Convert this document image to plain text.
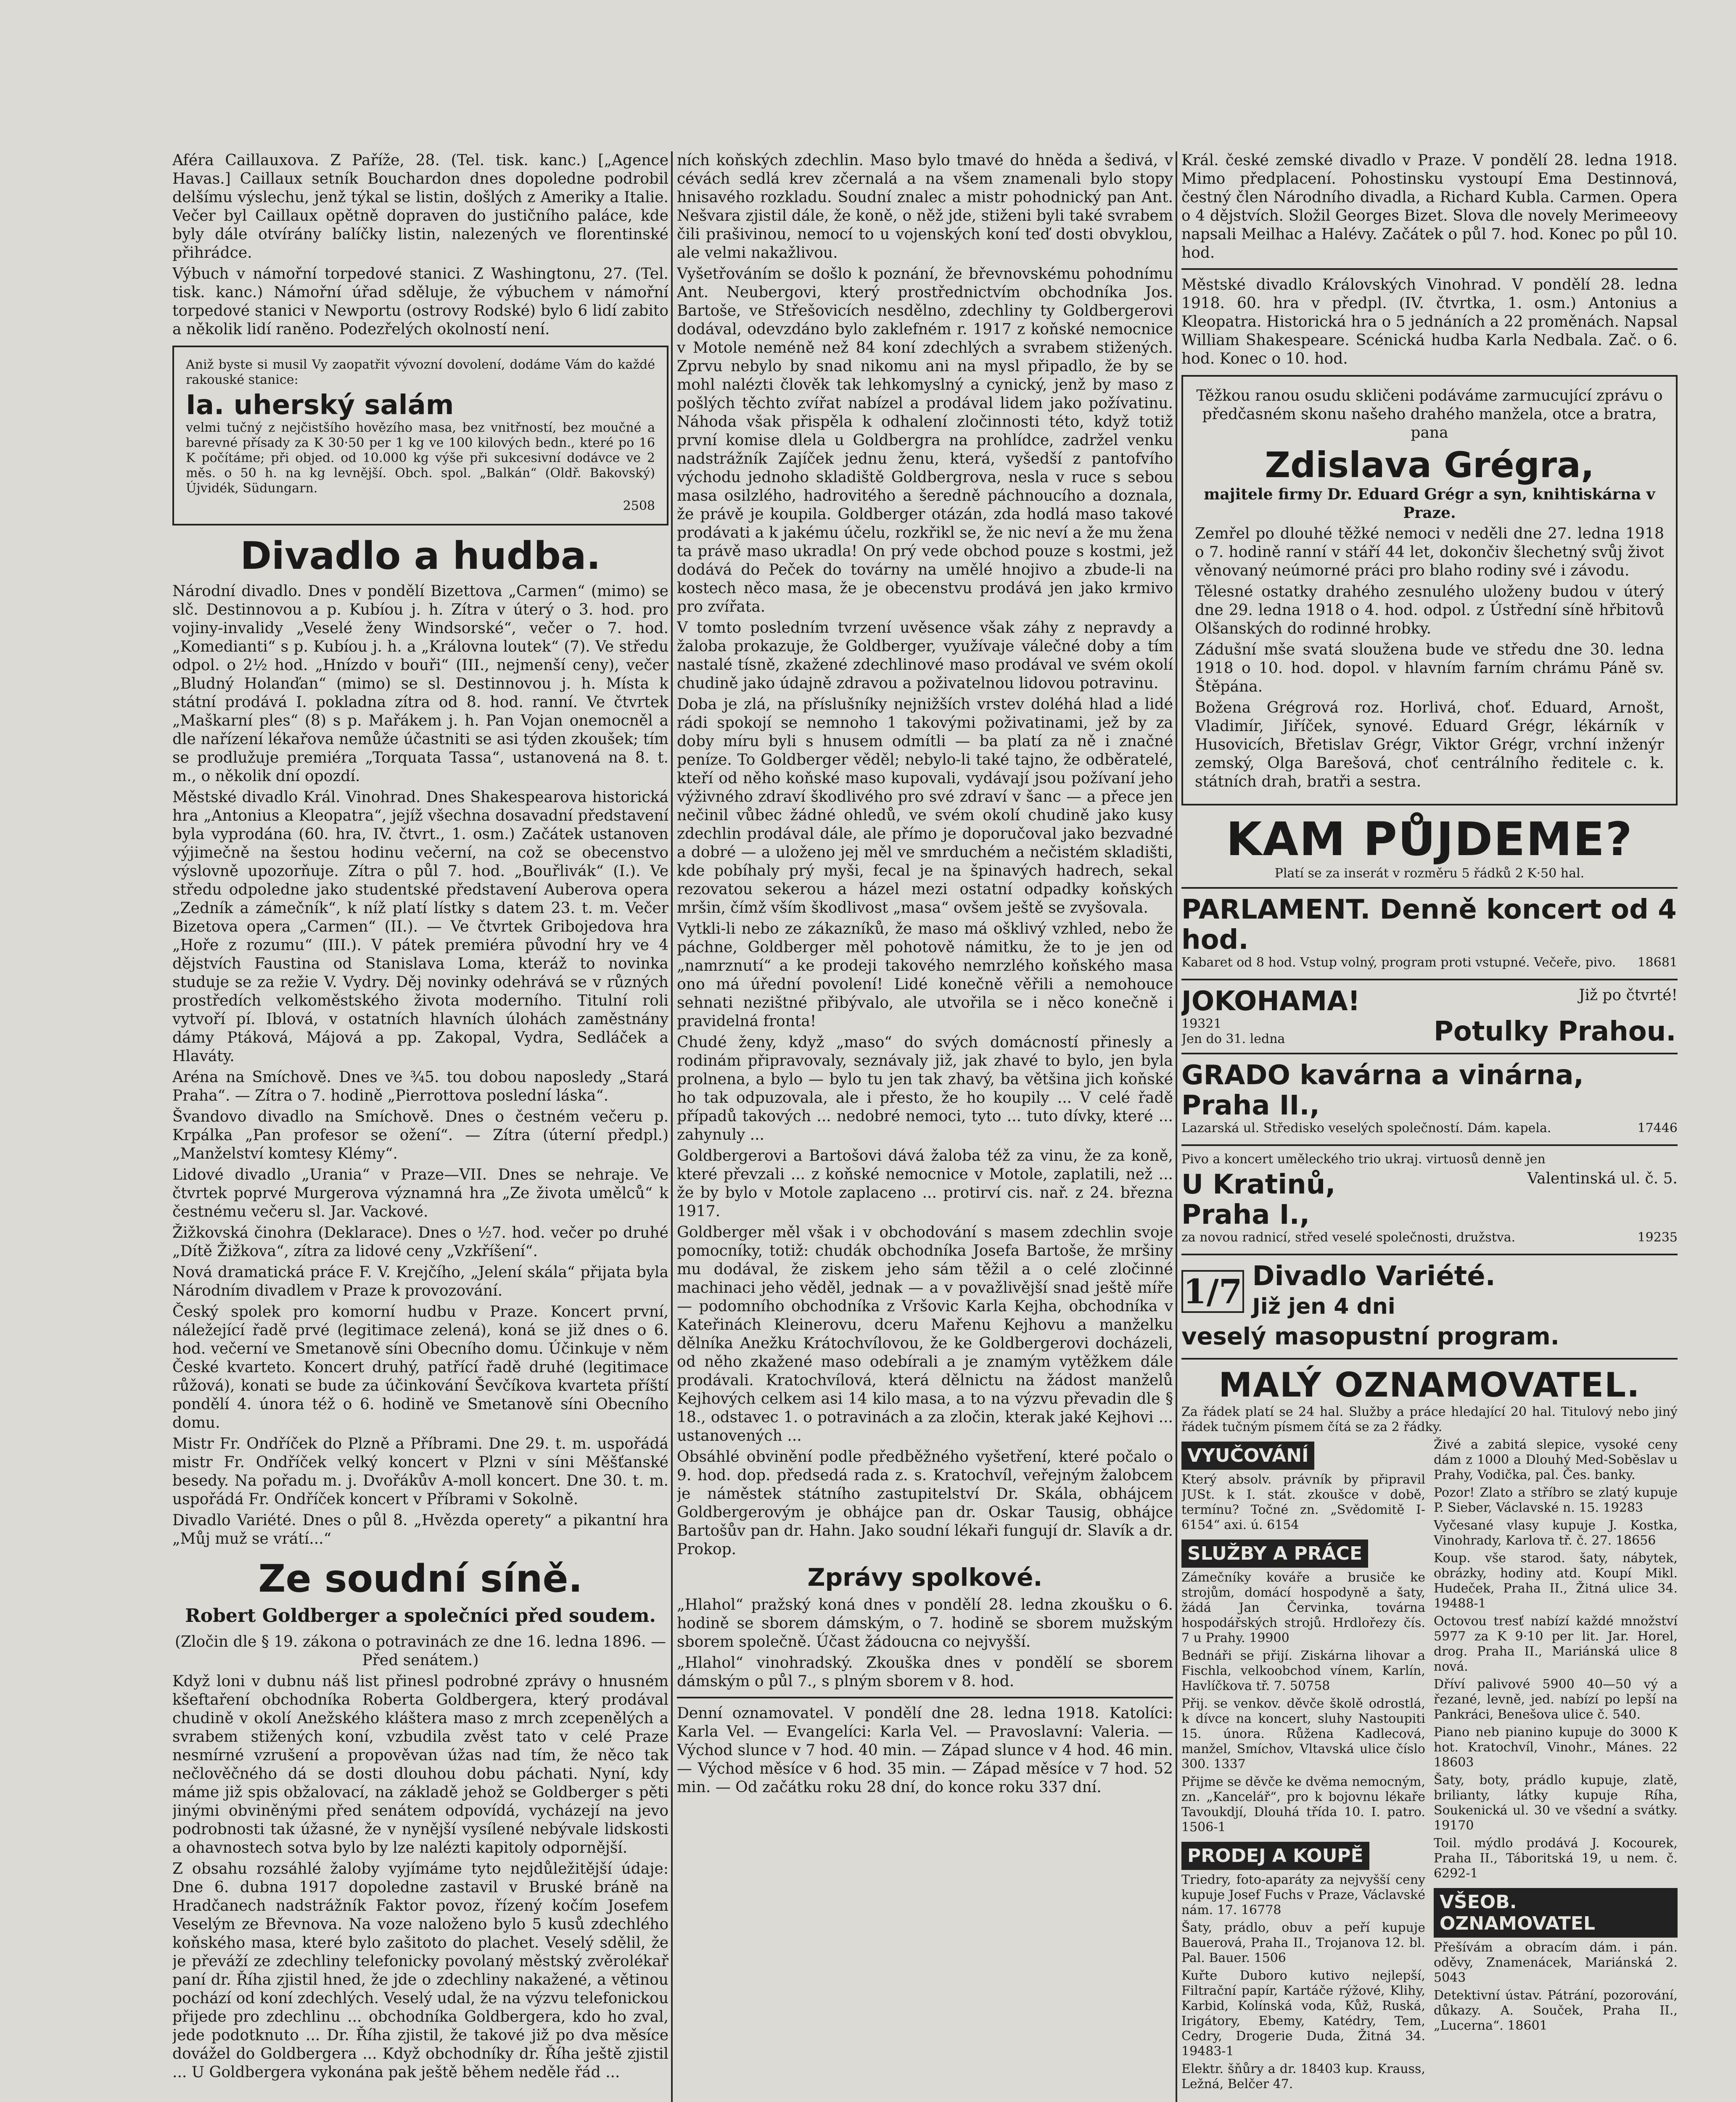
Aféra Caillauxova. Z Paříže, 28. (Tel. tisk. kanc.) [„Agence Havas.] Caillaux setník Bouchardon dnes dopoledne podrobil delšímu výslechu, jenž týkal se listin, došlých z Ameriky a Italie. Večer byl Caillaux opětně dopraven do justičního paláce, kde byly dále otvírány balíčky listin, nalezených ve florentinské přihrádce.

Výbuch v námořní torpedové stanici. Z Washingtonu, 27. (Tel. tisk. kanc.) Námořní úřad sděluje, že výbuchem v námořní torpedové stanici v Newportu (ostrovy Rodské) bylo 6 lidí zabito a několik lidí raněno. Podezřelých okolností není.

Aniž byste si musil Vy zaopatřit vývozní dovolení, dodáme Vám do každé rakouské stanice:

Ia. uherský salám

velmi tučný z nejčistšího hovězího masa, bez vnitřností, bez moučné a barevné přísady za K 30·50 per 1 kg ve 100 kilových bedn., které po 16 K počítáme; při objed. od 10.000 kg výše při sukcesivní dodávce ve 2 měs. o 50 h. na kg levnější. Obch. spol. „Balkán“ (Oldř. Bakovský) Újvidék, Südungarn.

2508
Divadlo a hudba.

Národní divadlo. Dnes v pondělí Bizettova „Carmen“ (mimo) se slč. Destinnovou a p. Kubíou j. h. Zítra v úterý o 3. hod. pro vojiny-invalidy „Veselé ženy Windsorské“, večer o 7. hod. „Komedianti“ s p. Kubíou j. h. a „Královna loutek“ (7). Ve středu odpol. o 2½ hod. „Hnízdo v bouři“ (III., nejmenší ceny), večer „Bludný Holanďan“ (mimo) se sl. Destinnovou j. h. Místa k státní prodává I. pokladna zítra od 8. hod. ranní. Ve čtvrtek „Maškarní ples“ (8) s p. Mařákem j. h. Pan Vojan onemocněl a dle nařízení lékařova nemůže účastniti se asi týden zkoušek; tím se prodlužuje premiéra „Torquata Tassa“, ustanovená na 8. t. m., o několik dní opozdí.

Městské divadlo Král. Vinohrad. Dnes Shakespearova historická hra „Antonius a Kleopatra“, jejíž všechna dosavadní představení byla vyprodána (60. hra, IV. čtvrt., 1. osm.) Začátek ustanoven výjimečně na šestou hodinu večerní, na což se obecenstvo výslovně upozorňuje. Zítra o půl 7. hod. „Bouřlivák“ (I.). Ve středu odpoledne jako studentské představení Auberova opera „Zedník a zámečník“, k níž platí lístky s datem 23. t. m. Večer Bizetova opera „Carmen“ (II.). — Ve čtvrtek Gribojedova hra „Hoře z rozumu“ (III.). V pátek premiéra původní hry ve 4 dějstvích Faustina od Stanislava Loma, kteráž to novinka studuje se za režie V. Vydry. Děj novinky odehrává se v různých prostředích velkoměstského života moderního. Titulní roli vytvoří pí. Iblová, v ostatních hlavních úlohách zaměstnány dámy Ptáková, Májová a pp. Zakopal, Vydra, Sedláček a Hlaváty.

Aréna na Smíchově. Dnes ve ¾5. tou dobou naposledy „Stará Praha“. — Zítra o 7. hodině „Pierrottova poslední láska“.

Švandovo divadlo na Smíchově. Dnes o čestném večeru p. Krpálka „Pan profesor se ožení“. — Zítra (úterní předpl.) „Manželství komtesy Klémy“.

Lidové divadlo „Urania“ v Praze—VII. Dnes se nehraje. Ve čtvrtek poprvé Murgerova významná hra „Ze života umělců“ k čestnému večeru sl. Jar. Vackové.

Žižkovská činohra (Deklarace). Dnes o ½7. hod. večer po druhé „Dítě Žižkova“, zítra za lidové ceny „Vzkříšení“.

Nová dramatická práce F. V. Krejčího, „Jelení skála“ přijata byla Národním divadlem v Praze k provozování.

Český spolek pro komorní hudbu v Praze. Koncert první, náležející řadě prvé (legitimace zelená), koná se již dnes o 6. hod. večerní ve Smetanově síni Obecního domu. Účinkuje v něm České kvarteto. Koncert druhý, patřící řadě druhé (legitimace růžová), konati se bude za účinkování Ševčíkova kvarteta příští pondělí 4. února též o 6. hodině ve Smetanově síni Obecního domu.

Mistr Fr. Ondříček do Plzně a Příbrami. Dne 29. t. m. uspořádá mistr Fr. Ondříček velký koncert v Plzni v síni Měšťanské besedy. Na pořadu m. j. Dvořákův A-moll koncert. Dne 30. t. m. uspořádá Fr. Ondříček koncert v Příbrami v Sokolně.

Divadlo Variété. Dnes o půl 8. „Hvězda operety“ a pikantní hra „Můj muž se vrátí...“

Ze soudní síně.
Robert Goldberger a společníci před soudem.

(Zločin dle § 19. zákona o potravinách ze dne 16. ledna 1896. — Před senátem.)

Když loni v dubnu náš list přinesl podrobné zprávy o hnusném kšeftaření obchodníka Roberta Goldbergera, který prodával chudině v okolí Anežského kláštera maso z mrch zcepenělých a svrabem stižených koní, vzbudila zvěst tato v celé Praze nesmírné vzrušení a propověvan úžas nad tím, že něco tak nečlověčného dá se dosti dlouhou dobu páchati. Nyní, kdy máme již spis obžalovací, na základě jehož se Goldberger s pěti jinými obviněnými před senátem odpovídá, vycházejí na jevo podrobnosti tak úžasné, že v nynější vysílené nebývale lidskosti a ohavnostech sotva bylo by lze nalézti kapitoly odpornější.

Z obsahu rozsáhlé žaloby vyjímáme tyto nejdůležitější údaje: Dne 6. dubna 1917 dopoledne zastavil v Bruské bráně na Hradčanech nadstrážník Faktor povoz, řízený kočím Josefem Veselým ze Břevnova. Na voze naloženo bylo 5 kusů zdechlého koňského masa, které bylo zašitoto do plachet. Veselý sdělil, že je převáží ze zdechliny telefonicky povolaný městský zvěrolékař paní dr. Říha zjistil hned, že jde o zdechliny nakažené, a větinou pochází od koní zdechlých. Veselý udal, že na výzvu telefonickou přijede pro zdechlinu ... obchodníka Goldbergera, kdo ho zval, jede podotknuto ... Dr. Říha zjistil, že takové již po dva měsíce dovážel do Goldbergera ... Když obchodníky dr. Říha ještě zjistil ... U Goldbergera vykonána pak ještě během neděle řád ...

ních koňských zdechlin. Maso bylo tmavé do hněda a šedivá, v cévách sedlá krev zčernalá a na všem znamenali bylo stopy hnisavého rozkladu. Soudní znalec a mistr pohodnický pan Ant. Nešvara zjistil dále, že koně, o něž jde, stiženi byli také svrabem čili prašivinou, nemocí to u vojenských koní teď dosti obvyklou, ale velmi nakažlivou.

Vyšetřováním se došlo k poznání, že břevnovskému pohodnímu Ant. Neubergovi, který prostřednictvím obchodníka Jos. Bartoše, ve Střešovicích nesdělno, zdechliny ty Goldbergerovi dodával, odevzdáno bylo zaklefném r. 1917 z koňské nemocnice v Motole neméně než 84 koní zdechlých a svrabem stižených. Zprvu nebylo by snad nikomu ani na mysl připadlo, že by se mohl nalézti člověk tak lehkomyslný a cynický, jenž by maso z pošlých těchto zvířat nabízel a prodával lidem jako požívatinu. Náhoda však přispěla k odhalení zločinnosti této, když totiž první komise dlela u Goldbergra na prohlídce, zadržel venku nadstrážník Zajíček jednu ženu, která, vyšedší z pantofvího východu jednoho skladiště Goldbergrova, nesla v ruce s sebou masa osilzlého, hadrovitého a šeredně páchnoucího a doznala, že právě je koupila. Goldberger otázán, zda hodlá maso takové prodávati a k jakému účelu, rozkřikl se, že nic neví a že mu žena ta právě maso ukradla! On prý vede obchod pouze s kostmi, jež dodává do Peček do továrny na umělé hnojivo a zbude-li na kostech něco masa, že je obecenstvu prodává jen jako krmivo pro zvířata.

V tomto posledním tvrzení uvěsence však záhy z nepravdy a žaloba prokazuje, že Goldberger, využívaje válečné doby a tím nastalé tísně, zkažené zdechlinové maso prodával ve svém okolí chudině jako údajně zdravou a poživatelnou lidovou potravinu.

Doba je zlá, na příslušníky nejnižších vrstev doléhá hlad a lidé rádi spokojí se nemnoho 1 takovými poživatinami, jež by za doby míru byli s hnusem odmítli — ba platí za ně i značné peníze. To Goldberger věděl; nebylo-li také tajno, že odběratelé, kteří od něho koňské maso kupovali, vydávají jsou požívaní jeho výživného zdraví škodlivého pro své zdraví v šanc — a přece jen nečinil vůbec žádné ohledů, ve svém okolí chudině jako kusy zdechlin prodával dále, ale přímo je doporučoval jako bezvadné a dobré — a uloženo jej měl ve smrduchém a nečistém skladišti, kde pobíhaly prý myši, fecal je na špinavých hadrech, sekal rezovatou sekerou a házel mezi ostatní odpadky koňských mršin, čímž vším škodlivost „masa“ ovšem ještě se zvyšovala.

Vytkli-li nebo ze zákazníků, že maso má ošklivý vzhled, nebo že páchne, Goldberger měl pohotově námitku, že to je jen od „namrznutí“ a ke prodeji takového nemrzlého koňského masa ono má úřední povolení! Lidé konečně věřili a nemohouce sehnati nezištné přibývalo, ale utvořila se i něco konečně i pravidelná fronta!

Chudé ženy, když „maso“ do svých domácností přinesly a rodinám připravovaly, seznávaly již, jak zhavé to bylo, jen byla prolnena, a bylo — bylo tu jen tak zhavý, ba většina jich koňské ho tak odpuzovala, ale i přesto, že ho koupily ... V celé řadě případů takových ... nedobré nemoci, tyto ... tuto dívky, které ... zahynuly ...

Goldbergerovi a Bartošovi dává žaloba též za vinu, že za koně, které převzali ... z koňské nemocnice v Motole, zaplatili, než ... že by bylo v Motole zaplaceno ... protirví cis. nař. z 24. března 1917.

Goldberger měl však i v obchodování s masem zdechlin svoje pomocníky, totiž: chudák obchodníka Josefa Bartoše, že mršiny mu dodával, že ziskem jeho sám těžil a o celé zločinné machinaci jeho věděl, jednak — a v považlivější snad ještě míře — podomního obchodníka z Vršovic Karla Kejha, obchodníka v Kateřinách Kleinerovu, dceru Mařenu Kejhovu a manželku dělníka Anežku Krátochvílovou, že ke Goldbergerovi docházeli, od něho zkažené maso odebírali a je znamým vytěžkem dále prodávali. Kratochvílová, která dělnictu na žádost manželů Kejhových celkem asi 14 kilo masa, a to na výzvu převadin dle § 18., odstavec 1. o potravinách a za zločin, kterak jaké Kejhovi ... ustanovených ...

Obsáhlé obvinění podle předběžného vyšetření, které počalo o 9. hod. dop. předsedá rada z. s. Kratochvíl, veřejným žalobcem je náměstek státního zastupitelství Dr. Skála, obhájcem Goldbergerovým je obhájce pan dr. Oskar Tausig, obhájce Bartošův pan dr. Hahn. Jako soudní lékaři fungují dr. Slavík a dr. Prokop.

Zprávy spolkové.

„Hlahol“ pražský koná dnes v pondělí 28. ledna zkoušku o 6. hodině se sborem dámským, o 7. hodině se sborem mužským sborem společně. Účast žádoucna co nejvyšší.

„Hlahol“ vinohradský. Zkouška dnes v pondělí se sborem dámským o půl 7., s plným sborem v 8. hod.

Denní oznamovatel. V pondělí dne 28. ledna 1918. Katolíci: Karla Vel. — Evangelíci: Karla Vel. — Pravoslavní: Valeria. — Východ slunce v 7 hod. 40 min. — Západ slunce v 4 hod. 46 min. — Východ měsíce v 6 hod. 35 min. — Západ měsíce v 7 hod. 52 min. — Od začátku roku 28 dní, do konce roku 337 dní.

Král. české zemské divadlo v Praze. V pondělí 28. ledna 1918. Mimo předplacení. Pohostinsku vystoupí Ema Destinnová, čestný člen Národního divadla, a Richard Kubla. Carmen. Opera o 4 dějstvích. Složil Georges Bizet. Slova dle novely Merimeeovy napsali Meilhac a Halévy. Začátek o půl 7. hod. Konec po půl 10. hod.

Městské divadlo Královských Vinohrad. V pondělí 28. ledna 1918. 60. hra v předpl. (IV. čtvrtka, 1. osm.) Antonius a Kleopatra. Historická hra o 5 jednáních a 22 proměnách. Napsal William Shakespeare. Scénická hudba Karla Nedbala. Zač. o 6. hod. Konec o 10. hod.

Těžkou ranou osudu skličeni podáváme zarmucující zprávu o předčasném skonu našeho drahého manžela, otce a bratra, pana

Zdislava Grégra,

majitele firmy Dr. Eduard Grégr a syn, knihtiskárna v Praze.

Zemřel po dlouhé těžké nemoci v neděli dne 27. ledna 1918 o 7. hodině ranní v stáří 44 let, dokončiv šlechetný svůj život věnovaný neúmorné práci pro blaho rodiny své i závodu.

Tělesné ostatky drahého zesnulého uloženy budou v úterý dne 29. ledna 1918 o 4. hod. odpol. z Ústřední síně hřbitovů Olšanských do rodinné hrobky.

Zádušní mše svatá sloužena bude ve středu dne 30. ledna 1918 o 10. hod. dopol. v hlavním farním chrámu Páně sv. Štěpána.

Božena Grégrová roz. Horlivá, choť. Eduard, Arnošt, Vladimír, Jiříček, synové. Eduard Grégr, lékárník v Husovicích, Břetislav Grégr, Viktor Grégr, vrchní inženýr zemský, Olga Barešová, choť centrálního ředitele c. k. státních drah, bratři a sestra.

KAM PŮJDEME?

Platí se za inserát v rozměru 5 řádků 2 K·50 hal.

PARLAMENT. Denně koncert od 4 hod.

Kabaret od 8 hod. Vstup volný, program proti vstupné. Večeře, pivo.	18681
JOKOHAMA!	Již po čtvrté!
19321
Jen do 31. ledna	Potulky Prahou.
GRADO kavárna a vinárna, Praha II.,

Lazarská ul. Středisko veselých společností. Dám. kapela.	17446

Pivo a koncert uměleckého trio ukraj. virtuosů denně jen

U Kratinů, Praha I.,
Valentinská ul. č. 5.

za novou radnicí, střed veselé společnosti, družstva.	19235
1/7 Divadlo Variété.
Již jen 4 dni
veselý masopustní program.
MALÝ OZNAMOVATEL.

Za řádek platí se 24 hal. Služby a práce hledající 20 hal. Titulový nebo jiný řádek tučným písmem čítá se za 2 řádky.

VYUČOVÁNÍ

Který absolv. právník by připravil JUSt. k I. stát. zkoušce v době, termínu? Točné zn. „Svědomitě I-6154“ axi. ú. 6154

SLUŽBY A PRÁCE

Zámečníky kováře a brusiče ke strojům, domácí hospodyně a šaty, žádá Jan Červinka, továrna hospodářských strojů. Hrdlořezy čís. 7 u Prahy. 19900

Bednáři se přijí. Ziskárna lihovar a Fischla, velkoobchod vínem, Karlín, Havlíčkova tř. 7. 50758

Přij. se venkov. děvče školě odrostlá, k dívce na koncert, sluhy Nastoupiti 15. února. Růžena Kadlecová, manžel, Smíchov, Vltavská ulice číslo 300. 1337

Přijme se děvče ke dvěma nemocným, zn. „Kancelář“, pro k bojovnu lékaře Tavoukdjí, Dlouhá třída 10. I. patro. 1506-1

PRODEJ A KOUPĚ

Triedry, foto-aparáty za nejvyšší ceny kupuje Josef Fuchs v Praze, Václavské nám. 17. 16778

Šaty, prádlo, obuv a peří kupuje Bauerová, Praha II., Trojanova 12. bl. Pal. Bauer. 1506

Kuřte Duboro kutivo nejlepší, Filtrační papír, Kartáče rýžové, Klihy, Karbid, Kolínská voda, Kůž, Ruská, Irigátory, Ebemy, Katédry, Tem, Cedry, Drogerie Duda, Žitná 34. 19483-1

Elektr. šňůry a dr. 18403 kup. Krauss, Ležná, Belčer 47.

Živé a zabitá slepice, vysoké ceny dám z 1000 a Dlouhý Med-Soběslav u Prahy, Vodička, pal. Čes. banky.

Pozor! Zlato a stříbro se zlatý kupuje P. Sieber, Václavské n. 15. 19283

Vyčesané vlasy kupuje J. Kostka, Vinohrady, Karlova tř. č. 27. 18656

Koup. vše starod. šaty, nábytek, obrázky, hodiny atd. Koupí Mikl. Hudeček, Praha II., Žitná ulice 34. 19488-1

Octovou tresť nabízí každé množství 5977 za K 9·10 per lit. Jar. Horel, drog. Praha II., Mariánská ulice 8 nová.

Dříví palivové 5900 40—50 vý a řezané, levně, jed. nabízí po lepší na Pankráci, Benešova ulice č. 540.

Piano neb pianino kupuje do 3000 K hot. Kratochvíl, Vinohr., Mánes. 22 18603

Šaty, boty, prádlo kupuje, zlatě, brilianty, látky kupuje Ríha, Soukenická ul. 30 ve všední a svátky. 19170

Toil. mýdlo prodává J. Kocourek, Praha II., Táboritská 19, u nem. č. 6292-1

VŠEOB. OZNAMOVATEL

Přešívám a obracím dám. i pán. oděvy, Znamenácek, Mariánská 2. 5043

Detektivní ústav. Pátrání, pozorování, důkazy. A. Souček, Praha II., „Lucerna“. 18601
